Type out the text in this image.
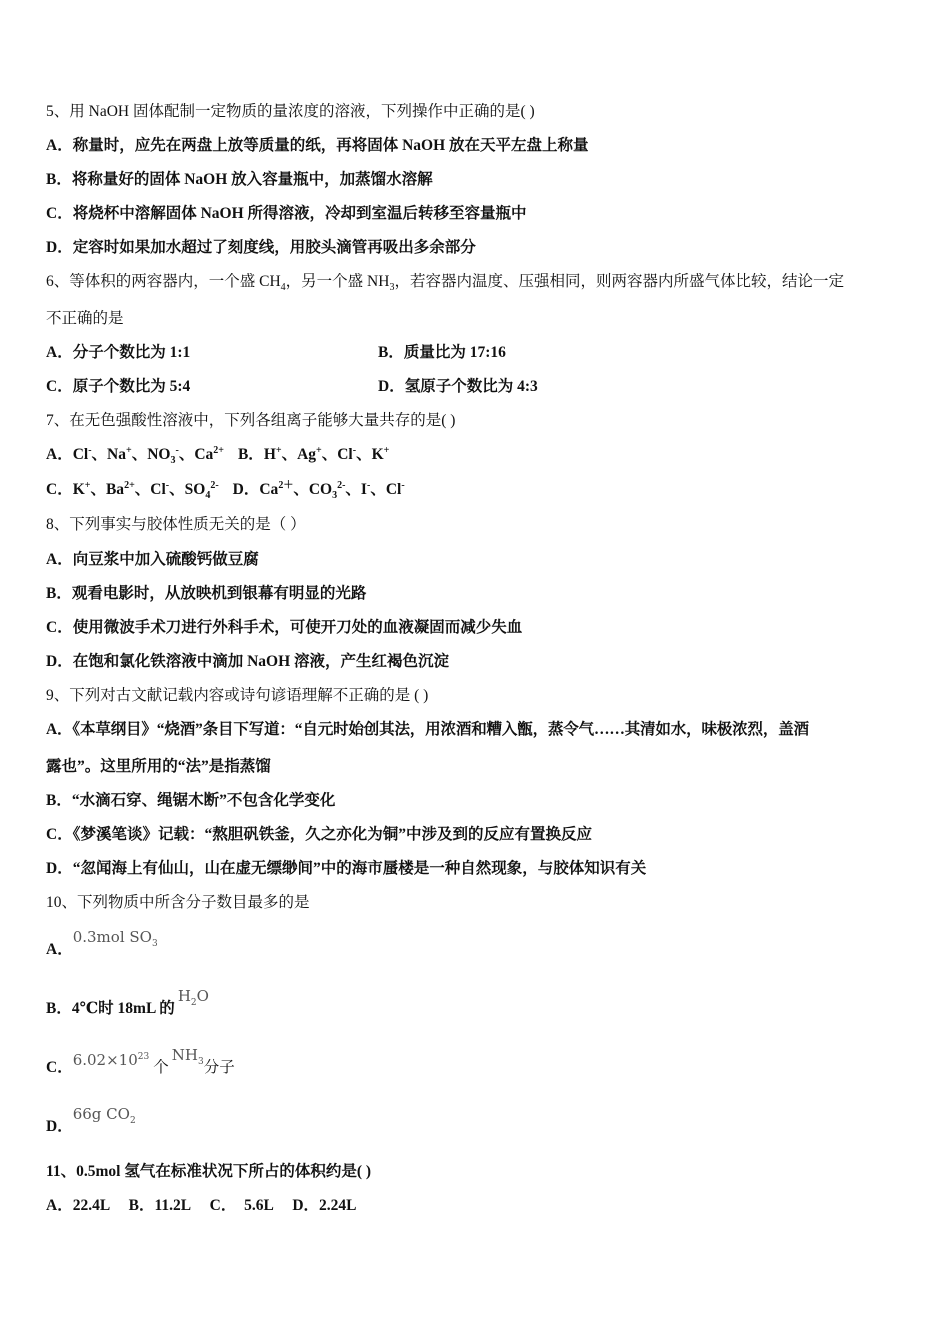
5、用 NaOH 固体配制一定物质的量浓度的溶液，下列操作中正确的是( )
A．称量时，应先在两盘上放等质量的纸，再将固体 NaOH 放在天平左盘上称量
B．将称量好的固体 NaOH 放入容量瓶中，加蒸馏水溶解
C．将烧杯中溶解固体 NaOH 所得溶液，冷却到室温后转移至容量瓶中
D．定容时如果加水超过了刻度线，用胶头滴管再吸出多余部分
6、等体积的两容器内，一个盛 $CH_4$，另一个盛 $NH_3$，若容器内温度、压强相同，则两容器内所盛气体比较，结论一定
不正确的是
A．分子个数比为 1:1	B．质量比为 17:16
C．原子个数比为 5:4	D．氢原子个数比为 4:3
7、在无色强酸性溶液中，下列各组离子能够大量共存的是( )
A．Cl-、Na+、$NO_3^-$、$Ca^{2+}$ B．H+、Ag+、Cl-、K+
C．K+、$Ba^{2+}$、Cl-、$SO_4^{2-}$ D．$Ca^{2+}$、$CO_3^{2-}$、I-、Cl-
8、下列事实与胶体性质无关的是（ ）
A．向豆浆中加入硫酸钙做豆腐
B．观看电影时，从放映机到银幕有明显的光路
C．使用微波手术刀进行外科手术，可使开刀处的血液凝固而减少失血
D．在饱和氯化铁溶液中滴加 NaOH 溶液，产生红褐色沉淀
9、下列对古文献记载内容或诗句谚语理解不正确的是 ( )
A．《本草纲目》“烧酒”条目下写道：“自元时始创其法，用浓酒和糟入甑，蒸令气……其清如水，味极浓烈，盖酒
露也”。这里所用的“法”是指蒸馏
B．“水滴石穿、绳锯木断”不包含化学变化
C．《梦溪笔谈》记载：“熬胆矾铁釜，久之亦化为铜”中涉及到的反应有置换反应
D．“忽闻海上有仙山，山在虚无缥缈间”中的海市蜃楼是一种自然现象，与胶体知识有关
10、下列物质中所含分子数目最多的是
A．0.3mol $SO_3$
B．4℃时 18mL 的$H_2O$
C．$6.02\times 10^{23}$个$NH_3$分子
D．66g $CO_2$
11、0.5mol 氢气在标准状况下所占的体积约是( )
A．22.4L     B．11.2L     C．  5.6L     D．2.24L
